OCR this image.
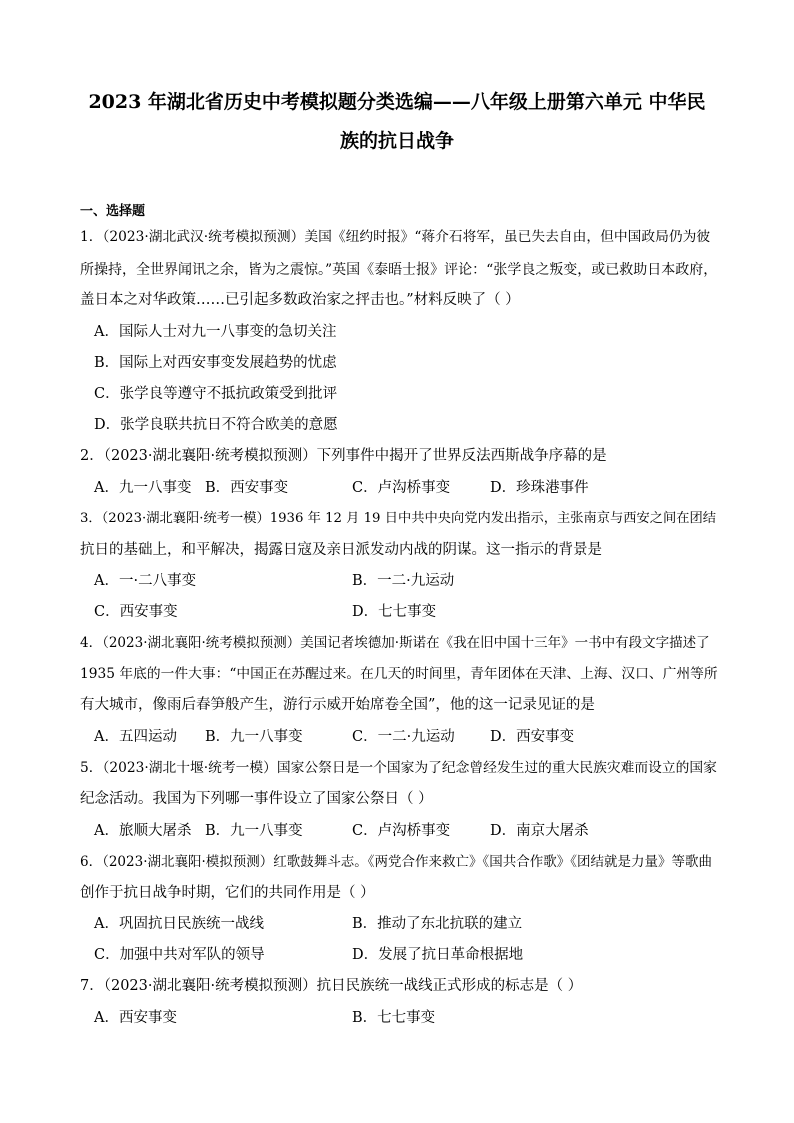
2023 年湖北省历史中考模拟题分类选编——八年级上册第六单元 中华民
族的抗日战争
一、选择题
1．（2023·湖北武汉·统考模拟预测）美国《纽约时报》“蒋介石将军，虽已失去自由，但中国政局仍为彼
所操持，全世界闻讯之余，皆为之震惊。”英国《泰晤士报》评论：“张学良之叛变，或已救助日本政府，
盖日本之对华政策……已引起多数政治家之抨击也。”材料反映了（ ）
A．国际人士对九一八事变的急切关注
B．国际上对西安事变发展趋势的忧虑
C．张学良等遵守不抵抗政策受到批评
D．张学良联共抗日不符合欧美的意愿
2．（2023·湖北襄阳·统考模拟预测）下列事件中揭开了世界反法西斯战争序幕的是
A．九一八事变 B．西安事变	C．卢沟桥事变	D．珍珠港事件
3．（2023·湖北襄阳·统考一模）1936 年 12 月 19 日中共中央向党内发出指示，主张南京与西安之间在团结
抗日的基础上，和平解决，揭露日寇及亲日派发动内战的阴谋。这一指示的背景是
A．一·二八事变	B．一二·九运动
C．西安事变	D．七七事变
4．（2023·湖北襄阳·统考模拟预测）美国记者埃德加·斯诺在《我在旧中国十三年》一书中有段文字描述了
1935 年底的一件大事：“中国正在苏醒过来。在几天的时间里，青年团体在天津、上海、汉口、广州等所
有大城市，像雨后春笋般产生，游行示威开始席卷全国”，他的这一记录见证的是
A．五四运动 B．九一八事变	C．一二·九运动 D．西安事变
5．（2023·湖北十堰·统考一模）国家公祭日是一个国家为了纪念曾经发生过的重大民族灾难而设立的国家
纪念活动。我国为下列哪一事件设立了国家公祭日（ ）
A．旅顺大屠杀 B．九一八事变	C．卢沟桥事变	D．南京大屠杀
6．（2023·湖北襄阳·模拟预测）红歌鼓舞斗志。《两党合作来救亡》《国共合作歌》《团结就是力量》等歌曲
创作于抗日战争时期，它们的共同作用是（ ）
A．巩固抗日民族统一战线	B．推动了东北抗联的建立
C．加强中共对军队的领导	D．发展了抗日革命根据地
7．（2023·湖北襄阳·统考模拟预测）抗日民族统一战线正式形成的标志是（ ）
A．西安事变	B．七七事变
